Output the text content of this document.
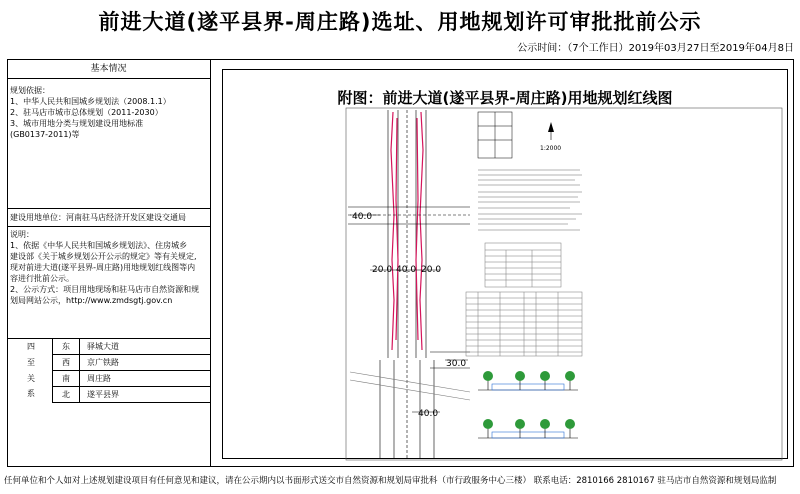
前进大道(遂平县界-周庄路)选址、用地规划许可审批批前公示
公示时间：（7个工作日）2019年03月27日至2019年04月8日
基本情况
规划依据：
1、中华人民共和国城乡规划法（2008.1.1）
2、驻马店市城市总体规划（2011-2030）
3、城市用地分类与规划建设用地标准
(GB0137-2011)等
建设用地单位：河南驻马店经济开发区建设交通局
说明：
1、依据《中华人民共和国城乡规划法》、住房城乡
建设部《关于城乡规划公开公示的规定》等有关规定,
现对前进大道(遂平县界-周庄路)用地规划红线图等内
容进行批前公示。
2、公示方式：项目用地现场和驻马店市自然资源和规
划局网站公示，http://www.zmdsgtj.gov.cn
四
至
关
系
东	驿城大道
西	京广铁路
南	周庄路
北	遂平县界
附图：前进大道(遂平县界-周庄路)用地规划红线图
40.0
20.0 40.0 20.0
30.0
40.0
1:2000
任何单位和个人如对上述规划建设项目有任何意见和建议，请在公示期内以书面形式送交市自然资源和规划局审批科（市行政服务中心三楼） 联系电话：2810166 2810167 驻马店市自然资源和规划局监制
